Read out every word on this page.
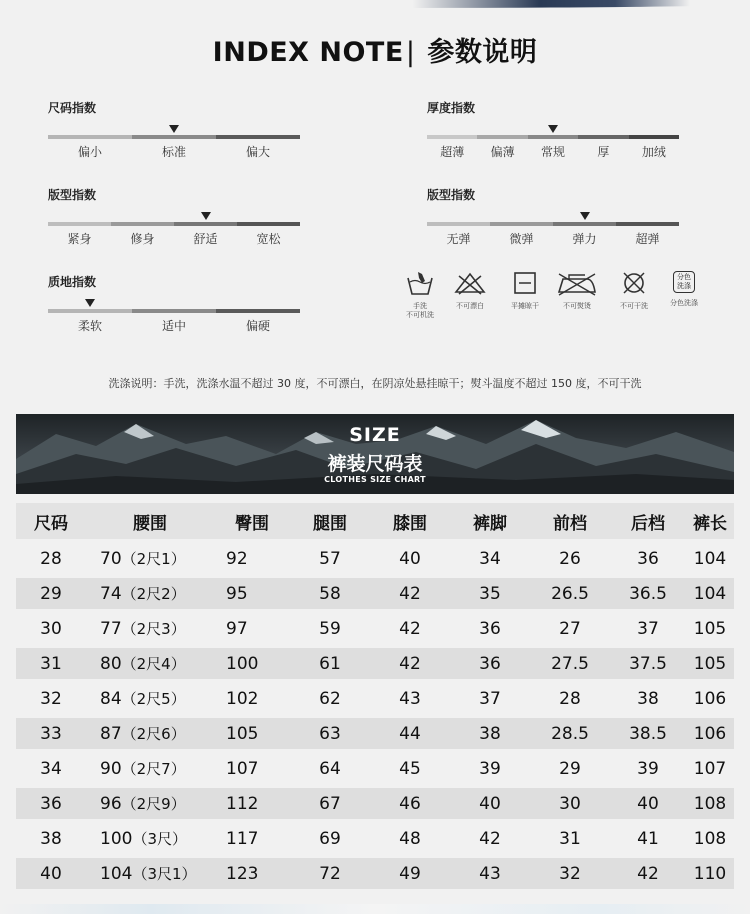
INDEX NOTE| 参数说明
尺码指数
偏小	标准	偏大
厚度指数
超薄	偏薄	常规	厚	加绒
版型指数
紧身	修身	舒适	宽松
版型指数
无弹	微弹	弹力	超弹
质地指数
柔软	适中	偏硬
手洗
不可机洗
不可漂白	平摊晾干	不可熨烫	不可干洗
分色
洗涤
分色洗涤
洗涤说明：手洗，洗涤水温不超过 30 度，不可漂白，在阴凉处悬挂晾干；熨斗温度不超过 150 度，不可干洗
SIZE
裤装尺码表
CLOTHES SIZE CHART
尺码	腰围	臀围	腿围	膝围	裤脚	前档	后档	裤长
28	70（2尺1）	92	57	40	34	26	36	104
29	74（2尺2）	95	58	42	35	26.5	36.5	104
30	77（2尺3）	97	59	42	36	27	37	105
31	80（2尺4）	100	61	42	36	27.5	37.5	105
32	84（2尺5）	102	62	43	37	28	38	106
33	87（2尺6）	105	63	44	38	28.5	38.5	106
34	90（2尺7）	107	64	45	39	29	39	107
36	96（2尺9）	112	67	46	40	30	40	108
38	100（3尺）	117	69	48	42	31	41	108
40	104（3尺1）	123	72	49	43	32	42	110
